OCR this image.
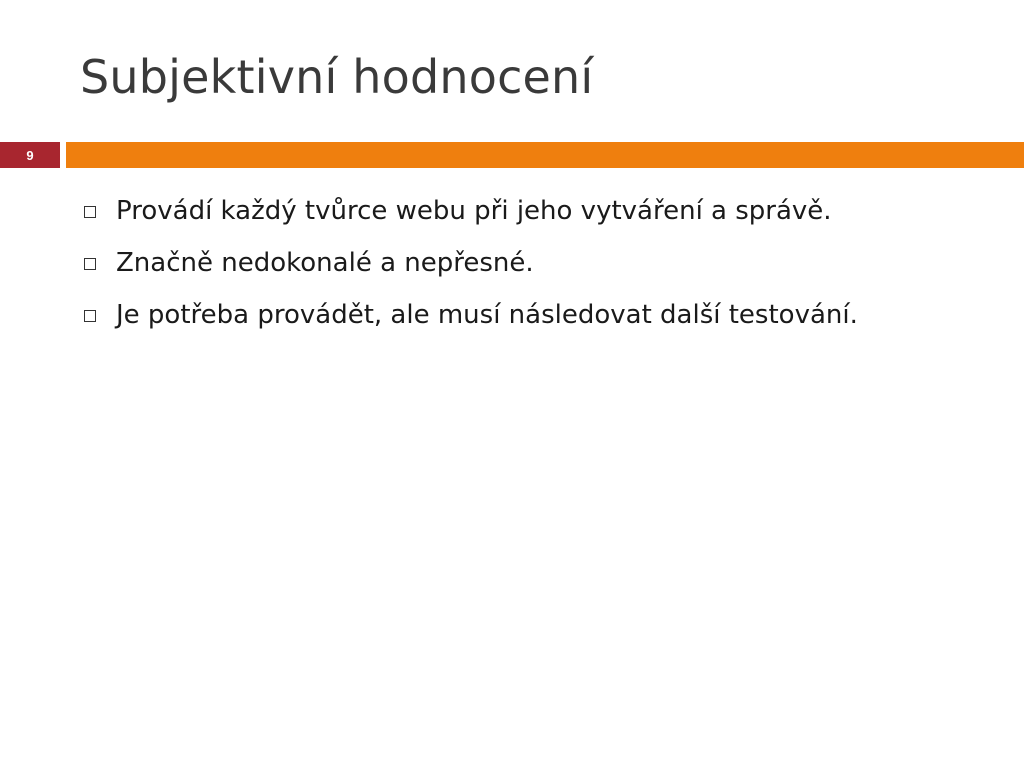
Subjektivní hodnocení
9
Provádí každý tvůrce webu při jeho vytváření a správě.
Značně nedokonalé a nepřesné.
Je potřeba provádět, ale musí následovat další testování.
